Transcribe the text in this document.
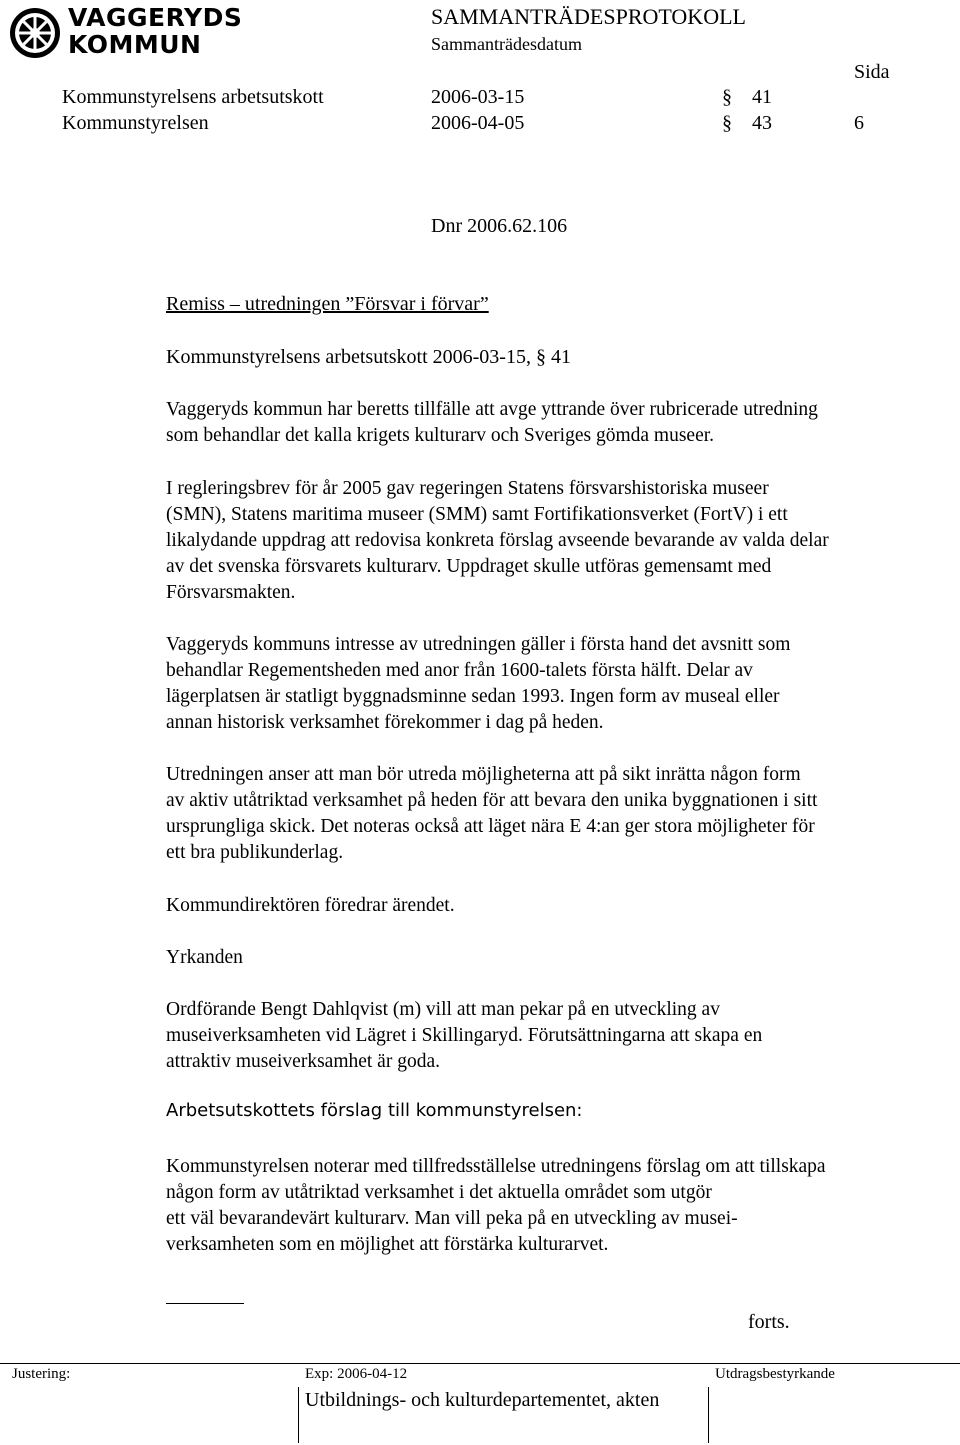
VAGGERYDS
KOMMUN
SAMMANTRÄDESPROTOKOLL
Sammanträdesdatum
Sida
Kommunstyrelsens arbetsutskott	2006-03-15	§ 41
Kommunstyrelsen	2006-04-05	§ 43	6
Dnr 2006.62.106
Remiss – utredningen ”Försvar i förvar”
Kommunstyrelsens arbetsutskott 2006-03-15, § 41
Vaggeryds kommun har beretts tillfälle att avge yttrande över rubricerade utredning
som behandlar det kalla krigets kulturarv och Sveriges gömda museer.
I regleringsbrev för år 2005 gav regeringen Statens försvarshistoriska museer
(SMN), Statens maritima museer (SMM) samt Fortifikationsverket (FortV) i ett
likalydande uppdrag att redovisa konkreta förslag avseende bevarande av valda delar
av det svenska försvarets kulturarv. Uppdraget skulle utföras gemensamt med
Försvarsmakten.
Vaggeryds kommuns intresse av utredningen gäller i första hand det avsnitt som
behandlar Regementsheden med anor från 1600-talets första hälft. Delar av
lägerplatsen är statligt byggnadsminne sedan 1993. Ingen form av museal eller
annan historisk verksamhet förekommer i dag på heden.
Utredningen anser att man bör utreda möjligheterna att på sikt inrätta någon form
av aktiv utåtriktad verksamhet på heden för att bevara den unika byggnationen i sitt
ursprungliga skick. Det noteras också att läget nära E 4:an ger stora möjligheter för
ett bra publikunderlag.
Kommundirektören föredrar ärendet.
Yrkanden
Ordförande Bengt Dahlqvist (m) vill att man pekar på en utveckling av
museiverksamheten vid Lägret i Skillingaryd. Förutsättningarna att skapa en
attraktiv museiverksamhet är goda.
Arbetsutskottets förslag till kommunstyrelsen:
Kommunstyrelsen noterar med tillfredsställelse utredningens förslag om att tillskapa
någon form av utåtriktad verksamhet i det aktuella området som utgör
ett väl bevarandevärt kulturarv. Man vill peka på en utveckling av musei-
verksamheten som en möjlighet att förstärka kulturarvet.
forts.
Justering:	Exp: 2006-04-12	Utdragsbestyrkande
Utbildnings- och kulturdepartementet, akten
